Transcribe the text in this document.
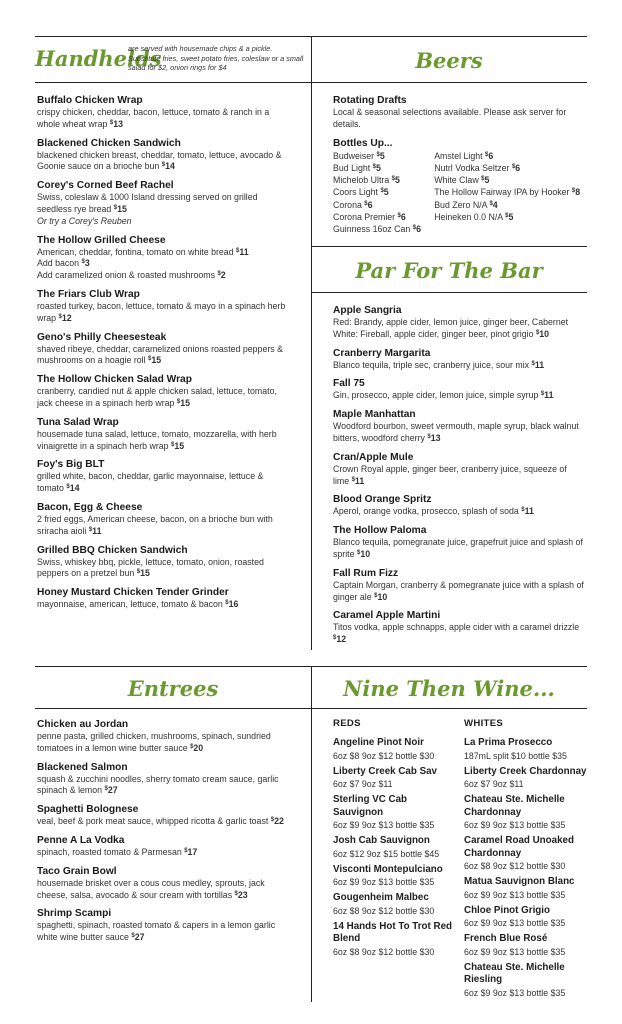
Handhelds
are served with housemade chips & a pickle. Substitute fries, sweet potato fries, coleslaw or a small salad for $2, onion rings for $4	Beers
Par For The Bar
Entrees	Nine Then Wine...
Buffalo Chicken Wrap
crispy chicken, cheddar, bacon, lettuce, tomato & ranch in a whole wheat wrap $13
Blackened Chicken Sandwich
blackened chicken breast, cheddar, tomato, lettuce, avocado & Goonie sauce on a brioche bun $14
Corey's Corned Beef Rachel
Swiss, coleslaw & 1000 Island dressing served on grilled seedless rye bread $15
Or try a Corey's Reuben
The Hollow Grilled Cheese
American, cheddar, fontina, tomato on white bread $11
Add bacon $3
Add caramelized onion & roasted mushrooms $2
The Friars Club Wrap
roasted turkey, bacon, lettuce, tomato & mayo in a spinach herb wrap $12
Geno's Philly Cheesesteak
shaved ribeye, cheddar, caramelized onions roasted peppers & mushrooms on a hoagie roll $15
The Hollow Chicken Salad Wrap
cranberry, candied nut & apple chicken salad, lettuce, tomato, jack cheese in a spinach herb wrap $15
Tuna Salad Wrap
housemade tuna salad, lettuce, tomato, mozzarella, with herb vinaigrette in a spinach herb wrap $15
Foy's Big BLT
grilled white, bacon, cheddar, garlic mayonnaise, lettuce & tomato $14
Bacon, Egg & Cheese
2 fried eggs, American cheese, bacon, on a brioche bun with sriracha aioli $11
Grilled BBQ Chicken Sandwich
Swiss, whiskey bbq, pickle, lettuce, tomato, onion, roasted peppers on a pretzel bun $15
Honey Mustard Chicken Tender Grinder
mayonnaise, american, lettuce, tomato & bacon $16
Rotating Drafts
Local & seasonal selections available. Please ask server for details.
Bottles Up...
Budweiser $5
Bud Light $5
Michelob Ultra $5
Coors Light $5
Corona $6
Corona Premier $6
Guinness 16oz Can $6
Amstel Light $6
Nutrl Vodka Seltzer $6
White Claw $5
The Hollow Fairway IPA by Hooker $8
Bud Zero N/A $4
Heineken 0.0 N/A $5
Apple Sangria
Red: Brandy, apple cider, lemon juice, ginger beer, Cabernet White: Fireball, apple cider, ginger beer, pinot grigio $10
Cranberry Margarita
Blanco tequila, triple sec, cranberry juice, sour mix $11
Fall 75
Gin, prosecco, apple cider, lemon juice, simple syrup $11
Maple Manhattan
Woodford bourbon, sweet vermouth, maple syrup, black walnut bitters, woodford cherry $13
Cran/Apple Mule
Crown Royal apple, ginger beer, cranberry juice, squeeze of lime $11
Blood Orange Spritz
Aperol, orange vodka, prosecco, splash of soda $11
The Hollow Paloma
Blanco tequila, pomegranate juice, grapefruit juice and splash of sprite $10
Fall Rum Fizz
Captain Morgan, cranberry & pomegranate juice with a splash of ginger ale $10
Caramel Apple Martini
Titos vodka, apple schnapps, apple cider with a caramel drizzle $12
Chicken au Jordan
penne pasta, grilled chicken, mushrooms, spinach, sundried tomatoes in a lemon wine butter sauce $20
Blackened Salmon
squash & zucchini noodles, sherry tomato cream sauce, garlic spinach & lemon $27
Spaghetti Bolognese
veal, beef & pork meat sauce, whipped ricotta & garlic toast $22
Penne A La Vodka
spinach, roasted tomato & Parmesan $17
Taco Grain Bowl
housemade brisket over a cous cous medley, sprouts, jack cheese, salsa, avocado & sour cream with tortillas $23
Shrimp Scampi
spaghetti, spinach, roasted tomato & capers in a lemon garlic white wine butter sauce $27
REDS
Angeline Pinot Noir
6oz $8 9oz $12 bottle $30
Liberty Creek Cab Sav
6oz $7 9oz $11
Sterling VC Cab Sauvignon
6oz $9 9oz $13 bottle $35
Josh Cab Sauvignon
6oz $12 9oz $15 bottle $45
Visconti Montepulciano
6oz $9 9oz $13 bottle $35
Gougenheim Malbec
6oz $8 9oz $12 bottle $30
14 Hands Hot To Trot Red Blend
6oz $8 9oz $12 bottle $30
WHITES
La Prima Prosecco
187mL split $10 bottle $35
Liberty Creek Chardonnay
6oz $7 9oz $11
Chateau Ste. Michelle Chardonnay
6oz $9 9oz $13 bottle $35
Caramel Road Unoaked Chardonnay
6oz $8 9oz $12 bottle $30
Matua Sauvignon Blanc
6oz $9 9oz $13 bottle $35
Chloe Pinot Grigio
6oz $9 9oz $13 bottle $35
French Blue Rosé
6oz $9 9oz $13 bottle $35
Chateau Ste. Michelle Riesling
6oz $9 9oz $13 bottle $35
